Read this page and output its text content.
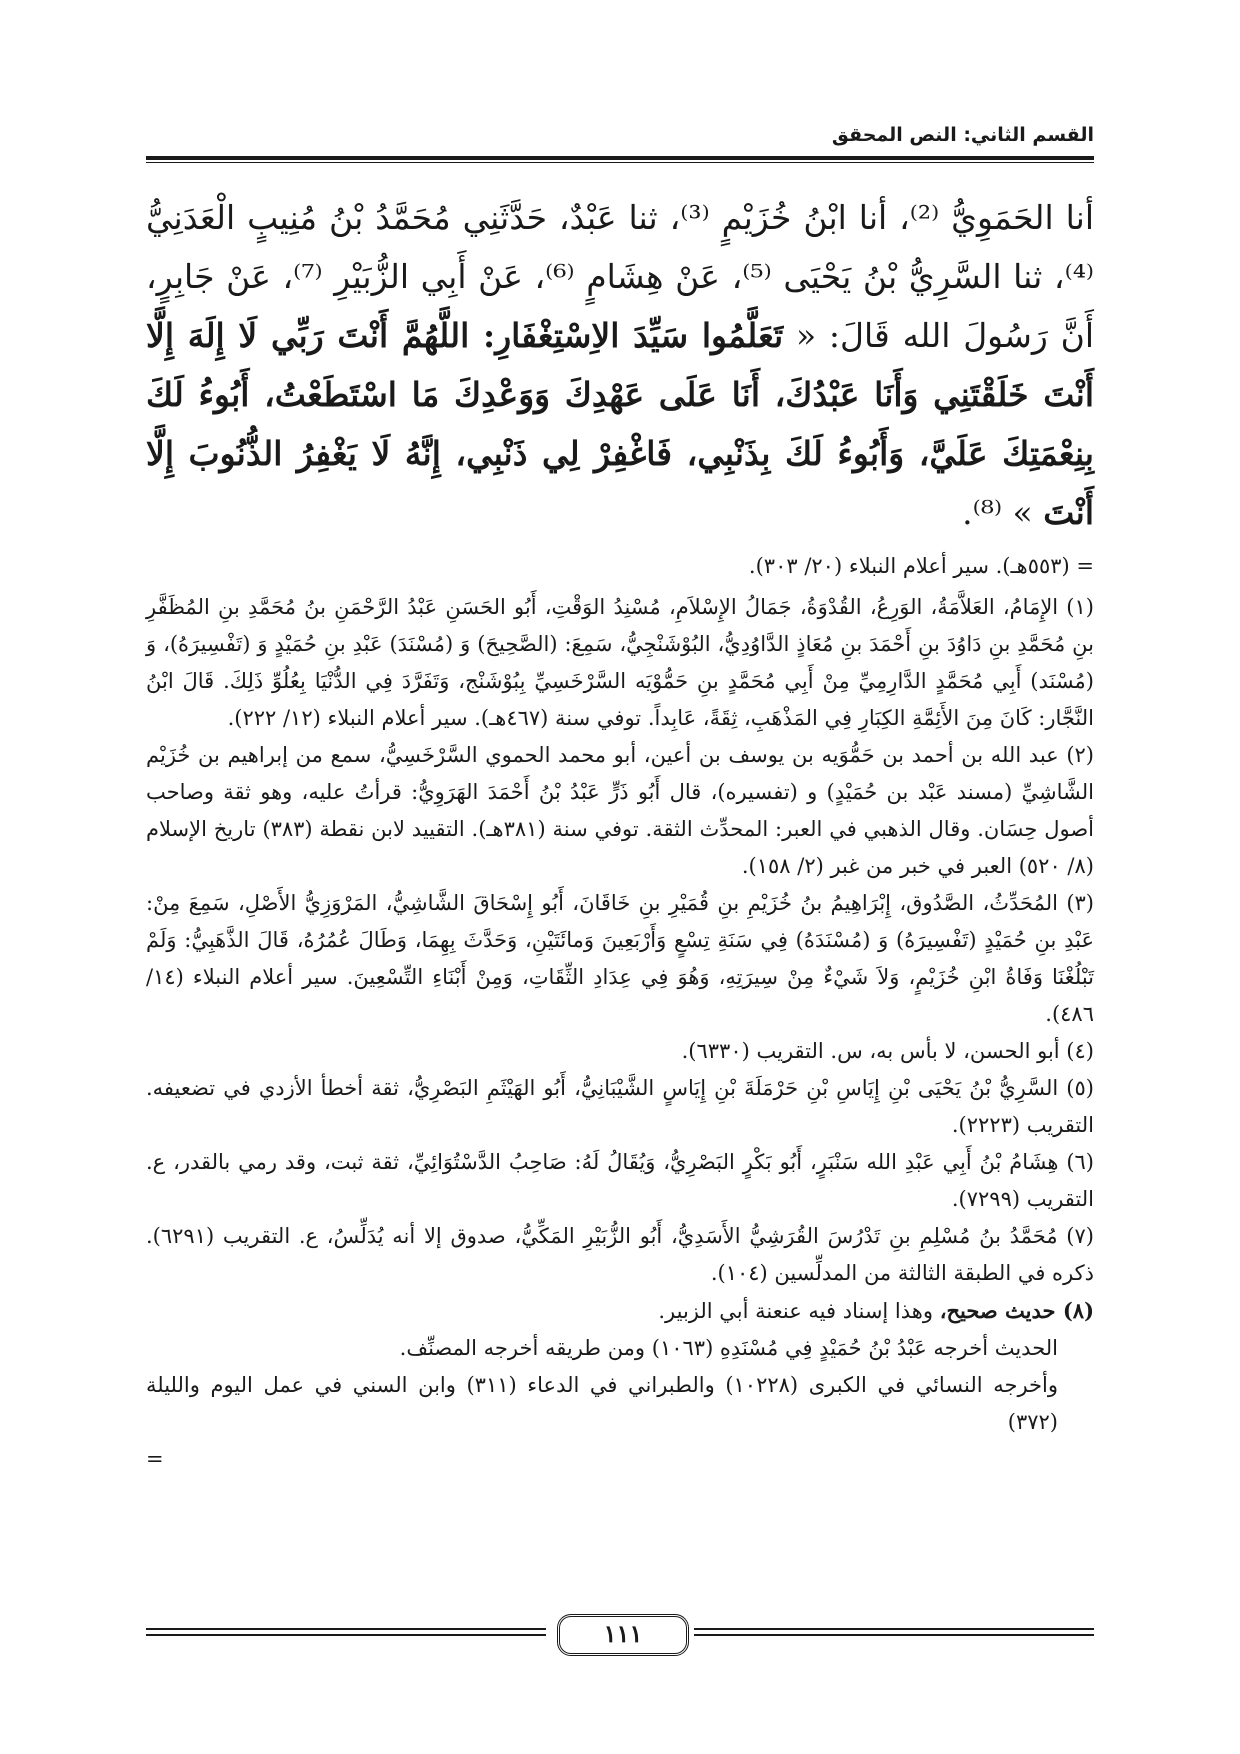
القسم الثاني: النص المحقق
أنا الحَمَوِيُّ ⁽²⁾، أنا ابْنُ خُزَيْمٍ ⁽³⁾، ثنا عَبْدٌ، حَدَّثَنِي مُحَمَّدُ بْنُ مُنِيبٍ الْعَدَنِيُّ ⁽⁴⁾، ثنا السَّرِيُّ بْنُ يَحْيَى ⁽⁵⁾، عَنْ هِشَامٍ ⁽⁶⁾، عَنْ أَبِي الزُّبَيْرِ ⁽⁷⁾، عَنْ جَابِرٍ، أَنَّ رَسُولَ الله قَالَ: « تَعَلَّمُوا سَيِّدَ الاِسْتِغْفَارِ: اللَّهُمَّ أَنْتَ رَبِّي لَا إِلَهَ إِلَّا أَنْتَ خَلَقْتَنِي وَأَنَا عَبْدُكَ، أَنَا عَلَى عَهْدِكَ وَوَعْدِكَ مَا اسْتَطَعْتُ، أَبُوءُ لَكَ بِنِعْمَتِكَ عَلَيَّ، وَأَبُوءُ لَكَ بِذَنْبِي، فَاغْفِرْ لِي ذَنْبِي، إِنَّهُ لَا يَغْفِرُ الذُّنُوبَ إِلَّا أَنْتَ » ⁽⁸⁾.

= (٥٥٣هـ). سير أعلام النبلاء (٢٠/ ٣٠٣).

(١) الإِمَامُ، العَلاَّمَةُ، الوَرِعُ، القُدْوَةُ، جَمَالُ الإِسْلاَمِ، مُسْنِدُ الوَقْتِ، أَبُو الحَسَنِ عَبْدُ الرَّحْمَنِ بنُ مُحَمَّدِ بنِ المُظَفَّرِ بنِ مُحَمَّدِ بنِ دَاوُدَ بنِ أَحْمَدَ بنِ مُعَاذٍ الدَّاوُدِيُّ، البُوْشَنْجِيُّ، سَمِعَ: (الصَّحِيحَ) وَ (مُسْنَدَ) عَبْدِ بنِ حُمَيْدٍ وَ (تَفْسِيرَهُ)، وَ (مُسْنَد) أَبِي مُحَمَّدٍ الدَّارِمِيِّ مِنْ أَبِي مُحَمَّدٍ بنِ حَمُّوْيَه السَّرْخَسِيِّ بِبُوْشَنْج، وَتَفَرَّدَ فِي الدُّنْيَا بِعُلُوِّ ذَلِكَ. قَالَ ابْنُ النَّجَّار: كَانَ مِنَ الأَئِمَّةِ الكِبَارِ فِي المَذْهَبِ، ثِقَةً، عَابِداً. توفي سنة (٤٦٧هـ). سير أعلام النبلاء (١٢/ ٢٢٢).

(٢) عبد الله بن أحمد بن حَمُّوَيه بن يوسف بن أعين، أبو محمد الحموي السَّرْخَسِيُّ، سمع من إبراهيم بن خُزَيْم الشَّاشِيِّ (مسند عَبْد بن حُمَيْدٍ) و (تفسيره)، قال أَبُو ذَرٍّ عَبْدُ بْنُ أَحْمَدَ الهَرَوِيُّ: قرأتُ عليه، وهو ثقة وصاحب أصول حِسَان. وقال الذهبي في العبر: المحدِّث الثقة. توفي سنة (٣٨١هـ). التقييد لابن نقطة (٣٨٣) تاريخ الإسلام (٨/ ٥٢٠) العبر في خبر من غبر (٢/ ١٥٨).

(٣) المُحَدِّثُ، الصَّدُوق، إِبْرَاهِيمُ بنُ خُزَيْمِ بنِ قُمَيْرِ بنِ خَاقَانَ، أَبُو إِسْحَاقَ الشَّاشِيُّ، المَرْوَزِيُّ الأَصْلِ، سَمِعَ مِنْ: عَبْدِ بنِ حُمَيْدٍ (تَفْسِيرَهُ) وَ (مُسْنَدَهُ) فِي سَنَةِ تِسْعٍ وَأَرْبَعِينَ وَمائَتَيْنِ، وَحَدَّثَ بِهِمَا، وَطَالَ عُمُرُهُ، قَالَ الذَّهَبِيُّ: وَلَمْ تَبْلُغْنَا وَفَاةُ ابْنِ خُزَيْمٍ، وَلاَ شَيْءٌ مِنْ سِيرَتِهِ، وَهُوَ فِي عِدَادِ الثِّقَاتِ، وَمِنْ أَبْنَاءِ التِّسْعِينَ. سير أعلام النبلاء (١٤/ ٤٨٦).

(٤) أبو الحسن، لا بأس به، س. التقريب (٦٣٣٠).

(٥) السَّرِيُّ بْنُ يَحْيَى بْنِ إِيَاسِ بْنِ حَرْمَلَةَ بْنِ إِيَاسٍ الشَّيْبَانِيُّ، أَبُو الهَيْثَمِ البَصْرِيُّ، ثقة أخطأ الأزدي في تضعيفه. التقريب (٢٢٢٣).

(٦) هِشَامُ بْنُ أَبِي عَبْدِ الله سَنْبَرٍ، أَبُو بَكْرٍ البَصْرِيُّ، وَيُقَالُ لَهُ: صَاحِبُ الدَّسْتُوَائِيِّ، ثقة ثبت، وقد رمي بالقدر، ع. التقريب (٧٢٩٩).

(٧) مُحَمَّدُ بنُ مُسْلِمِ بنِ تَدْرُسَ القُرَشِيُّ الأَسَدِيُّ، أَبُو الزُّبَيْرِ المَكِّيُّ، صدوق إلا أنه يُدَلِّسُ، ع. التقريب (٦٢٩١). ذكره في الطبقة الثالثة من المدلِّسين (١٠٤).

(٨) حديث صحيح، وهذا إسناد فيه عنعنة أبي الزبير.

الحديث أخرجه عَبْدُ بْنُ حُمَيْدٍ فِي مُسْنَدِهِ (١٠٦٣) ومن طريقه أخرجه المصنِّف.

وأخرجه النسائي في الكبرى (١٠٢٢٨) والطبراني في الدعاء (٣١١) وابن السني في عمل اليوم والليلة (٣٧٢)

=

١١١
